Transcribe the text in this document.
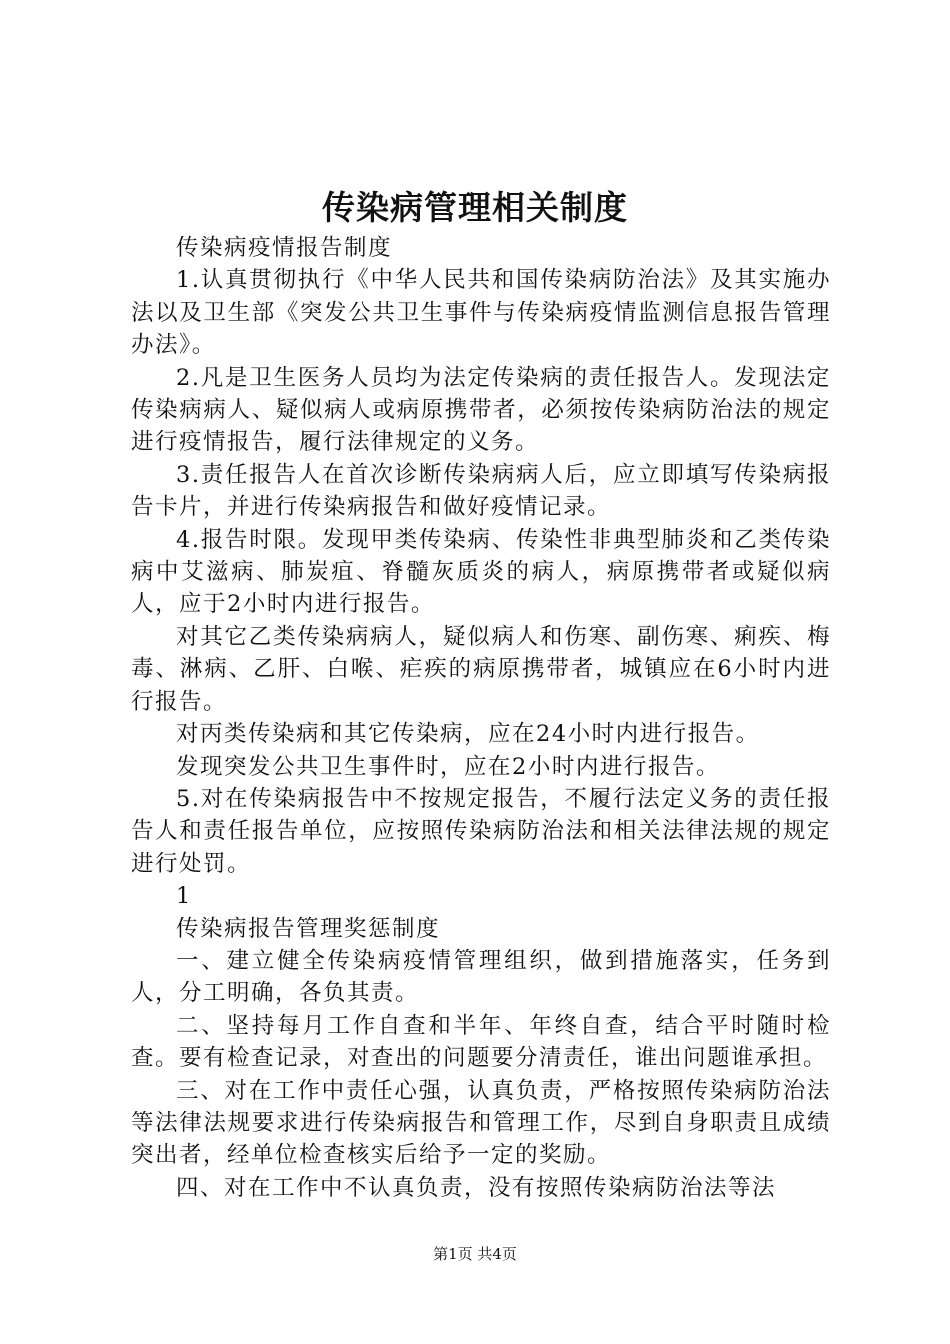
传染病管理相关制度

传染病疫情报告制度

1.认真贯彻执行《中华人民共和国传染病防治法》及其实施办法以及卫生部《突发公共卫生事件与传染病疫情监测信息报告管理办法》。

2.凡是卫生医务人员均为法定传染病的责任报告人。发现法定传染病病人、疑似病人或病原携带者，必须按传染病防治法的规定进行疫情报告，履行法律规定的义务。

3.责任报告人在首次诊断传染病病人后，应立即填写传染病报告卡片，并进行传染病报告和做好疫情记录。

4.报告时限。发现甲类传染病、传染性非典型肺炎和乙类传染病中艾滋病、肺炭疽、脊髓灰质炎的病人，病原携带者或疑似病人，应于2小时内进行报告。

对其它乙类传染病病人，疑似病人和伤寒、副伤寒、痢疾、梅毒、淋病、乙肝、白喉、疟疾的病原携带者，城镇应在6小时内进行报告。

对丙类传染病和其它传染病，应在24小时内进行报告。

发现突发公共卫生事件时，应在2小时内进行报告。

5.对在传染病报告中不按规定报告，不履行法定义务的责任报告人和责任报告单位，应按照传染病防治法和相关法律法规的规定进行处罚。

1

传染病报告管理奖惩制度

一、建立健全传染病疫情管理组织，做到措施落实，任务到人，分工明确，各负其责。

二、坚持每月工作自查和半年、年终自查，结合平时随时检查。要有检查记录，对查出的问题要分清责任，谁出问题谁承担。

三、对在工作中责任心强，认真负责，严格按照传染病防治法等法律法规要求进行传染病报告和管理工作，尽到自身职责且成绩突出者，经单位检查核实后给予一定的奖励。

四、对在工作中不认真负责，没有按照传染病防治法等法

第1页 共4页
